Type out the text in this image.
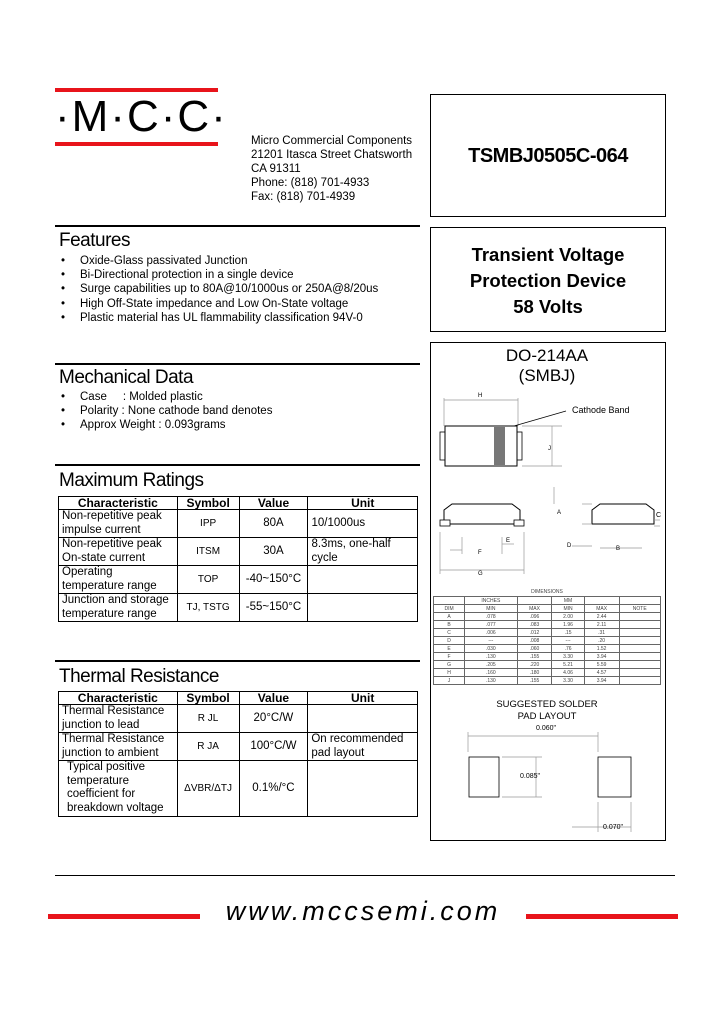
·M·C·C· Micro Commercial Components
21201 Itasca Street Chatsworth
CA 91311
Phone: (818) 701-4933
Fax: (818) 701-4939
TSMBJ0505C-064
Transient Voltage
Protection Device
58 Volts
Features
• Oxide-Glass passivated Junction
• Bi-Directional protection in a single device
• Surge capabilities up to 80A@10/1000us or 250A@8/20us
• High Off-State impedance and Low On-State voltage
• Plastic material has UL flammability classification 94V-0
Mechanical Data
• Case     : Molded plastic
• Polarity : None cathode band denotes
• Approx Weight : 0.093grams
Maximum Ratings
Characteristic	Symbol	Value	Unit
Non-repetitive peak impulse current	IPP	80A	10/1000us
Non-repetitive peak On-state current	ITSM	30A	8.3ms, one-half cycle
Operating temperature range	TOP	-40~150°C	
Junction and storage temperature range	TJ, TSTG	-55~150°C	
Thermal Resistance
Characteristic	Symbol	Value	Unit
Thermal Resistance junction to lead	R JL	20°C/W	
Thermal Resistance junction to ambient	R JA	100°C/W	On recommended pad layout
Typical positive temperature coefficient for breakdown voltage	ΔVBR/ΔTJ	0.1%/°C	
DO-214AA
(SMBJ)
H
Cathode Band
J
A	C
E
F
D	B
G
DIMENSIONS
	INCHES		MM		
DIM	MIN	MAX	MIN	MAX	NOTE
A	.078	.096	2.00	2.44	
B	.077	.083	1.96	2.11	
C	.006	.012	.15	.31	
D	---	.008	---	.20	
E	.030	.060	.76	1.52	
F	.130	.155	3.30	3.94	
G	.205	.220	5.21	5.59	
H	.160	.180	4.06	4.57	
J	.130	.155	3.30	3.94	
SUGGESTED SOLDER
PAD LAYOUT
0.060"
0.085"
0.070"
www.mccsemi.com
